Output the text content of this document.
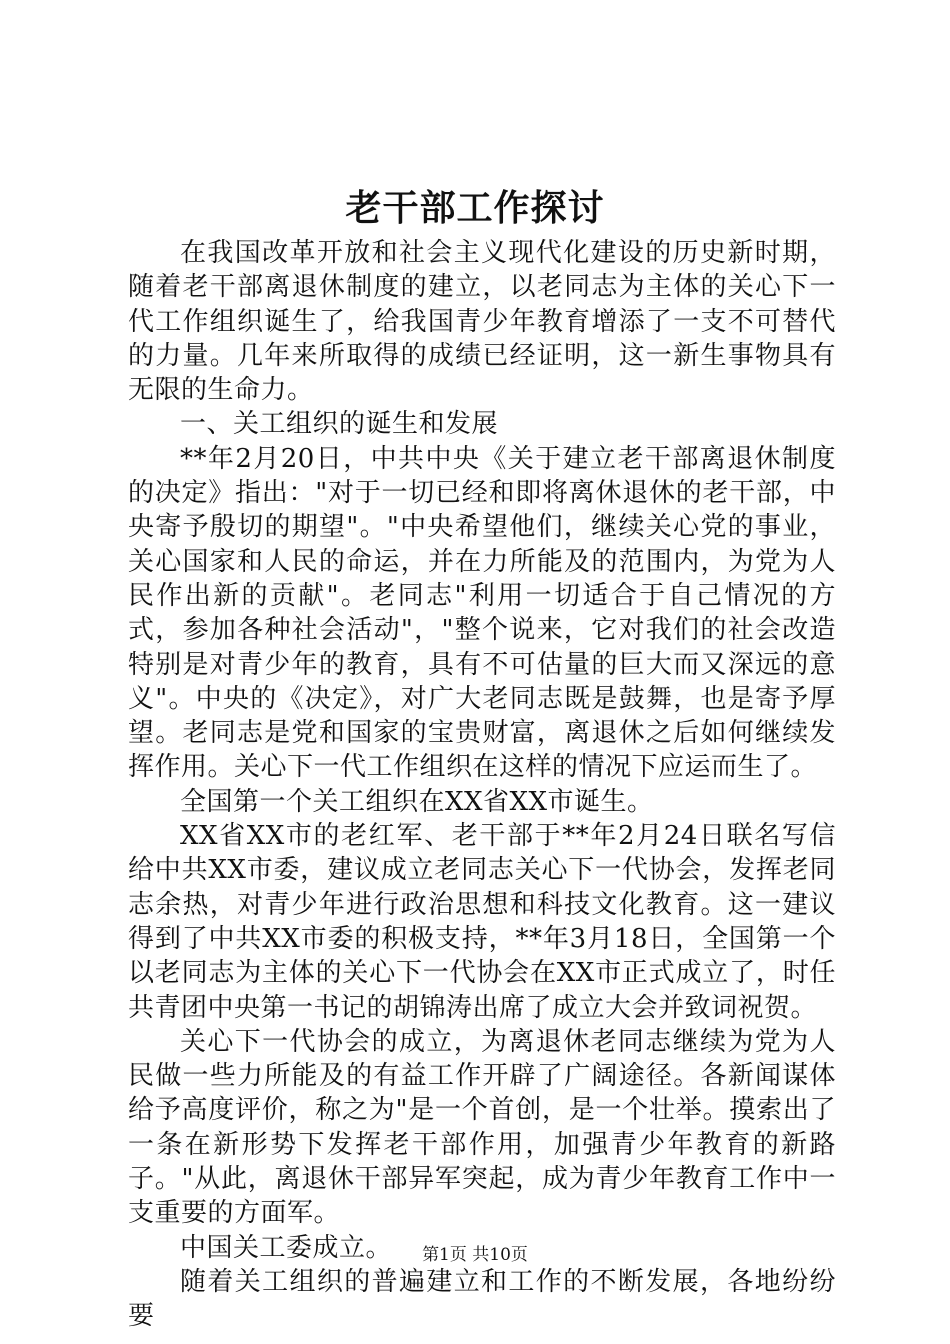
老干部工作探讨

在我国改革开放和社会主义现代化建设的历史新时期，随着老干部离退休制度的建立，以老同志为主体的关心下一代工作组织诞生了，给我国青少年教育增添了一支不可替代的力量。几年来所取得的成绩已经证明，这一新生事物具有无限的生命力。

一、关工组织的诞生和发展

**年2月20日，中共中央《关于建立老干部离退休制度的决定》指出："对于一切已经和即将离休退休的老干部，中央寄予殷切的期望"。"中央希望他们，继续关心党的事业，关心国家和人民的命运，并在力所能及的范围内，为党为人民作出新的贡献"。老同志"利用一切适合于自己情况的方式，参加各种社会活动"，"整个说来，它对我们的社会改造特别是对青少年的教育，具有不可估量的巨大而又深远的意义"。中央的《决定》，对广大老同志既是鼓舞，也是寄予厚望。老同志是党和国家的宝贵财富，离退休之后如何继续发挥作用。关心下一代工作组织在这样的情况下应运而生了。

全国第一个关工组织在XX省XX市诞生。

XX省XX市的老红军、老干部于**年2月24日联名写信给中共XX市委，建议成立老同志关心下一代协会，发挥老同志余热，对青少年进行政治思想和科技文化教育。这一建议得到了中共XX市委的积极支持，**年3月18日，全国第一个以老同志为主体的关心下一代协会在XX市正式成立了，时任共青团中央第一书记的胡锦涛出席了成立大会并致词祝贺。

关心下一代协会的成立，为离退休老同志继续为党为人民做一些力所能及的有益工作开辟了广阔途径。各新闻谋体给予高度评价，称之为"是一个首创，是一个壮举。摸索出了一条在新形势下发挥老干部作用，加强青少年教育的新路子。"从此，离退休干部异军突起，成为青少年教育工作中一支重要的方面军。

中国关工委成立。

随着关工组织的普遍建立和工作的不断发展，各地纷纷要

第1页 共10页
